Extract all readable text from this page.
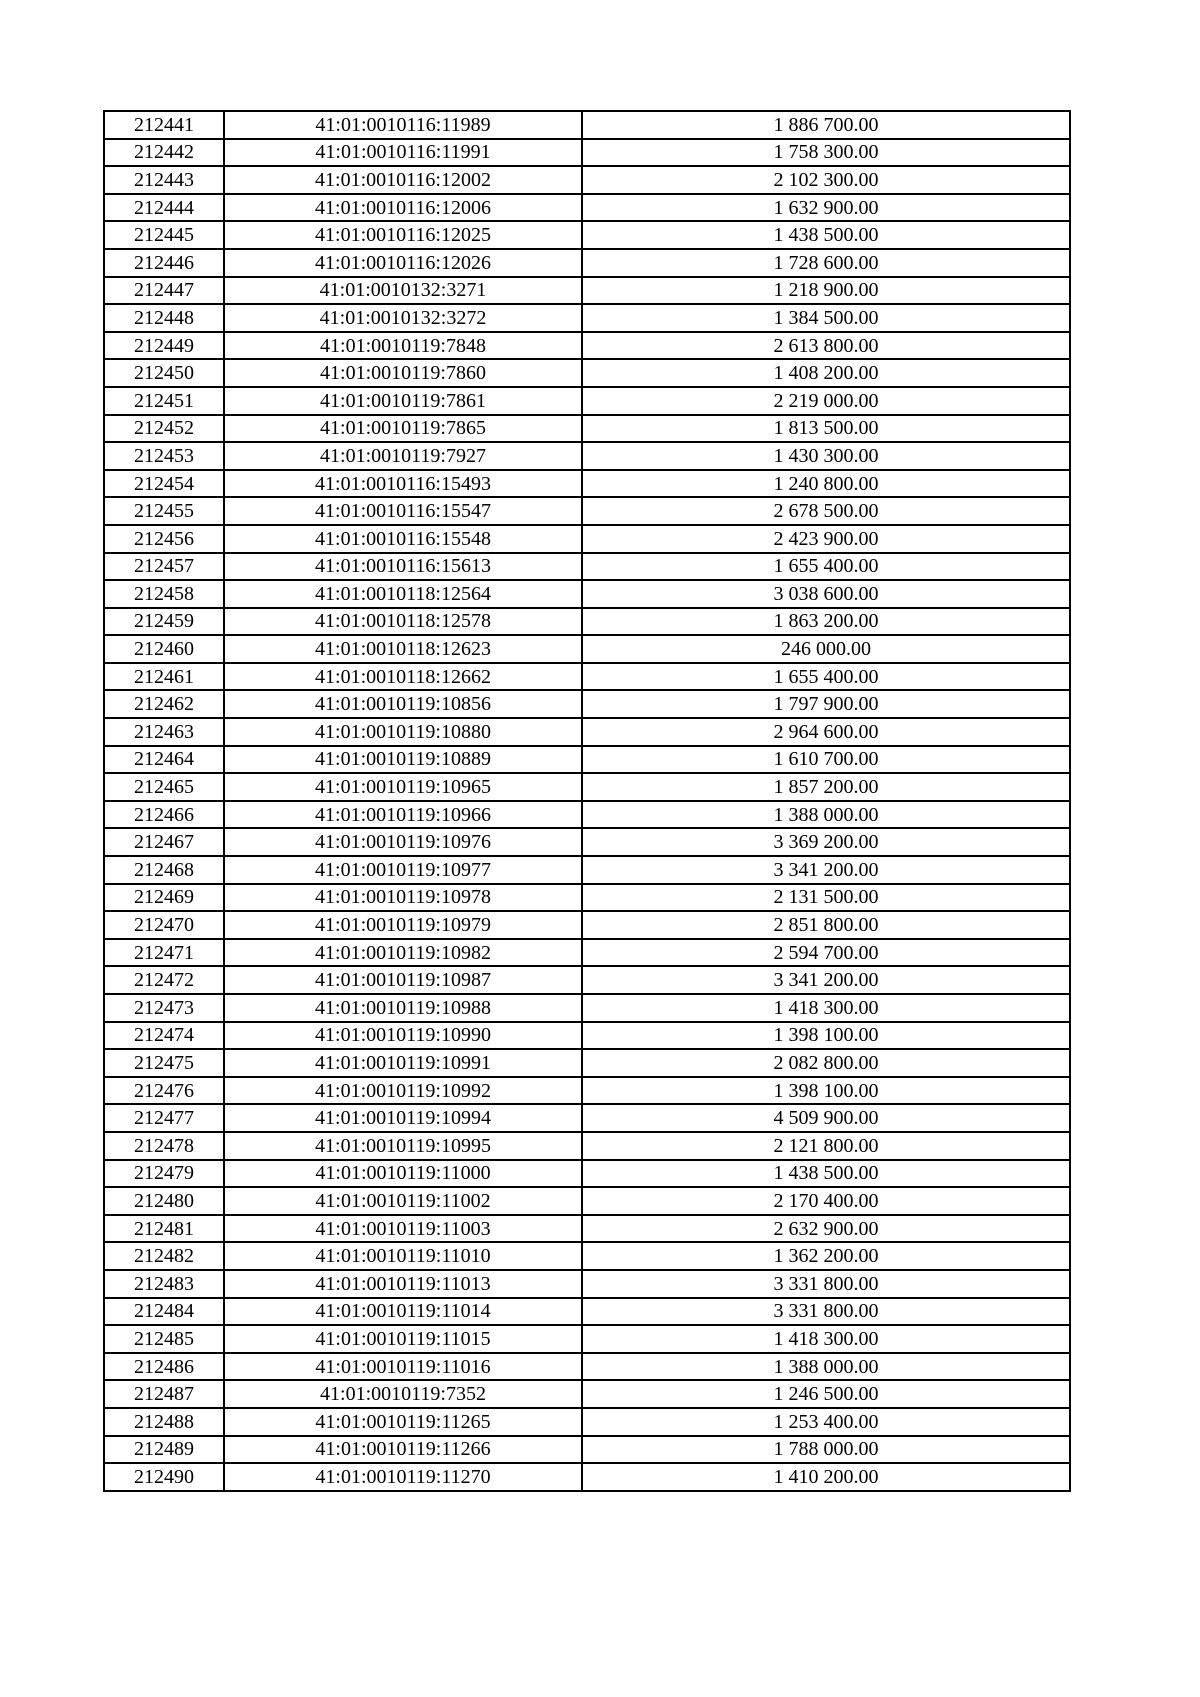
212441	41:01:0010116:11989	1 886 700.00
212442	41:01:0010116:11991	1 758 300.00
212443	41:01:0010116:12002	2 102 300.00
212444	41:01:0010116:12006	1 632 900.00
212445	41:01:0010116:12025	1 438 500.00
212446	41:01:0010116:12026	1 728 600.00
212447	41:01:0010132:3271	1 218 900.00
212448	41:01:0010132:3272	1 384 500.00
212449	41:01:0010119:7848	2 613 800.00
212450	41:01:0010119:7860	1 408 200.00
212451	41:01:0010119:7861	2 219 000.00
212452	41:01:0010119:7865	1 813 500.00
212453	41:01:0010119:7927	1 430 300.00
212454	41:01:0010116:15493	1 240 800.00
212455	41:01:0010116:15547	2 678 500.00
212456	41:01:0010116:15548	2 423 900.00
212457	41:01:0010116:15613	1 655 400.00
212458	41:01:0010118:12564	3 038 600.00
212459	41:01:0010118:12578	1 863 200.00
212460	41:01:0010118:12623	246 000.00
212461	41:01:0010118:12662	1 655 400.00
212462	41:01:0010119:10856	1 797 900.00
212463	41:01:0010119:10880	2 964 600.00
212464	41:01:0010119:10889	1 610 700.00
212465	41:01:0010119:10965	1 857 200.00
212466	41:01:0010119:10966	1 388 000.00
212467	41:01:0010119:10976	3 369 200.00
212468	41:01:0010119:10977	3 341 200.00
212469	41:01:0010119:10978	2 131 500.00
212470	41:01:0010119:10979	2 851 800.00
212471	41:01:0010119:10982	2 594 700.00
212472	41:01:0010119:10987	3 341 200.00
212473	41:01:0010119:10988	1 418 300.00
212474	41:01:0010119:10990	1 398 100.00
212475	41:01:0010119:10991	2 082 800.00
212476	41:01:0010119:10992	1 398 100.00
212477	41:01:0010119:10994	4 509 900.00
212478	41:01:0010119:10995	2 121 800.00
212479	41:01:0010119:11000	1 438 500.00
212480	41:01:0010119:11002	2 170 400.00
212481	41:01:0010119:11003	2 632 900.00
212482	41:01:0010119:11010	1 362 200.00
212483	41:01:0010119:11013	3 331 800.00
212484	41:01:0010119:11014	3 331 800.00
212485	41:01:0010119:11015	1 418 300.00
212486	41:01:0010119:11016	1 388 000.00
212487	41:01:0010119:7352	1 246 500.00
212488	41:01:0010119:11265	1 253 400.00
212489	41:01:0010119:11266	1 788 000.00
212490	41:01:0010119:11270	1 410 200.00
